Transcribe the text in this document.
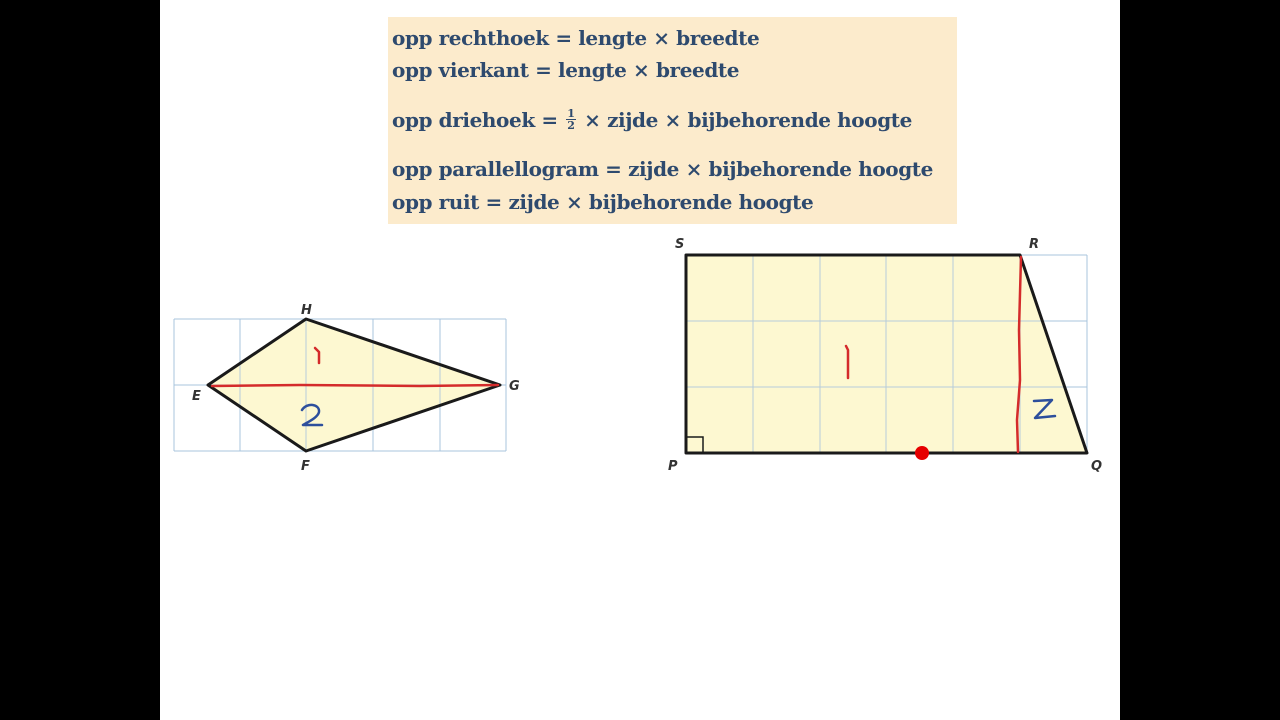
opp rechthoek = lengte × breedte
opp vierkant = lengte × breedte
opp driehoek = $\frac{1}{2}$ × zijde × bijbehorende hoogte
opp parallellogram = zijde × bijbehorende hoogte
opp ruit = zijde × bijbehorende hoogte
H
E
G
F
S	R
P	Q
